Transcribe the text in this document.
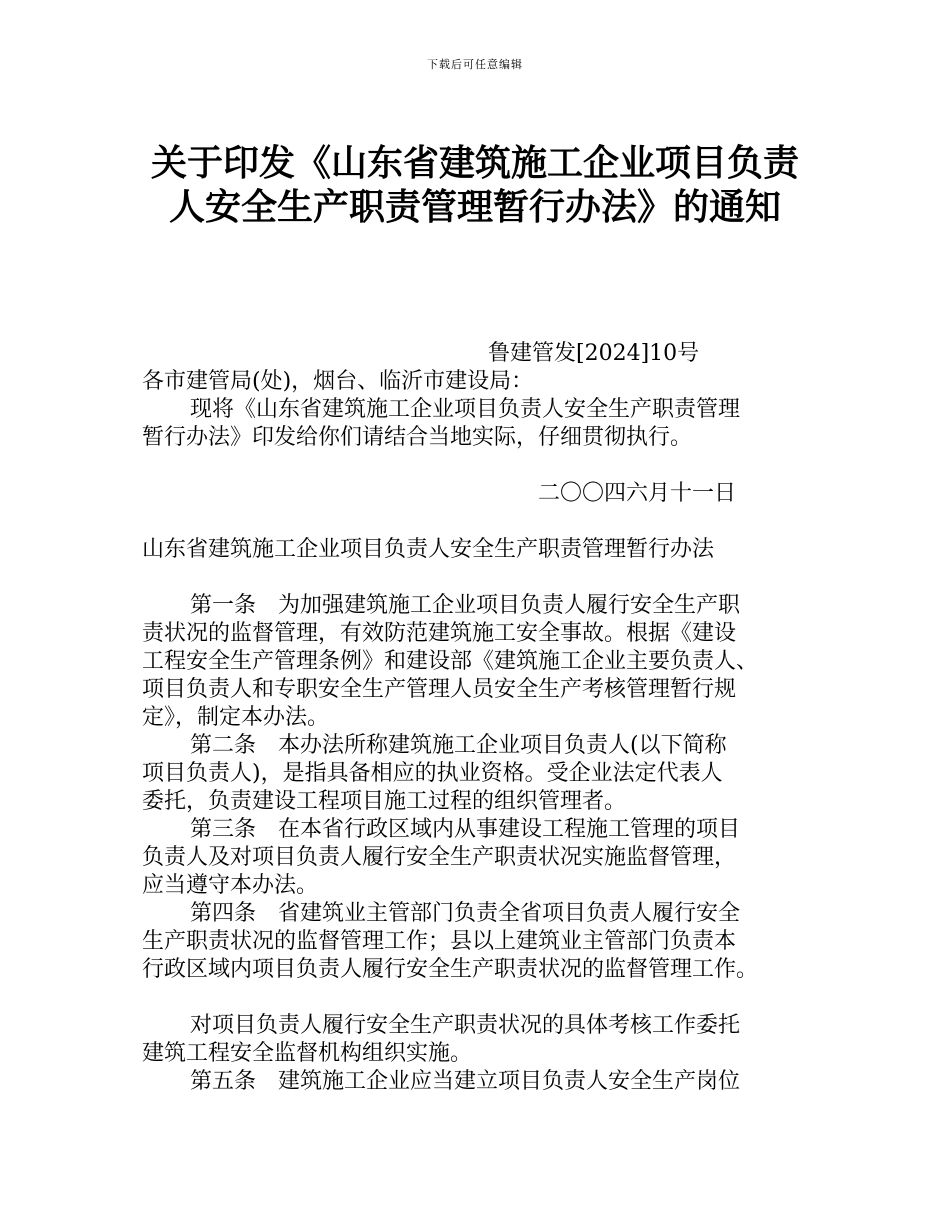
下载后可任意编辑
关于印发《山东省建筑施工企业项目负责
人安全生产职责管理暂行办法》的通知
鲁建管发[2024]10号
各市建管局(处)，烟台、临沂市建设局：
现将《山东省建筑施工企业项目负责人安全生产职责管理
暂行办法》印发给你们请结合当地实际，仔细贯彻执行。
二〇〇四六月十一日
山东省建筑施工企业项目负责人安全生产职责管理暂行办法
第一条 为加强建筑施工企业项目负责人履行安全生产职
责状况的监督管理，有效防范建筑施工安全事故。根据《建设
工程安全生产管理条例》和建设部《建筑施工企业主要负责人、
项目负责人和专职安全生产管理人员安全生产考核管理暂行规
定》，制定本办法。
第二条 本办法所称建筑施工企业项目负责人(以下简称
项目负责人)，是指具备相应的执业资格。受企业法定代表人
委托，负责建设工程项目施工过程的组织管理者。
第三条 在本省行政区域内从事建设工程施工管理的项目
负责人及对项目负责人履行安全生产职责状况实施监督管理，
应当遵守本办法。
第四条 省建筑业主管部门负责全省项目负责人履行安全
生产职责状况的监督管理工作；县以上建筑业主管部门负责本
行政区域内项目负责人履行安全生产职责状况的监督管理工作。
对项目负责人履行安全生产职责状况的具体考核工作委托
建筑工程安全监督机构组织实施。
第五条 建筑施工企业应当建立项目负责人安全生产岗位
